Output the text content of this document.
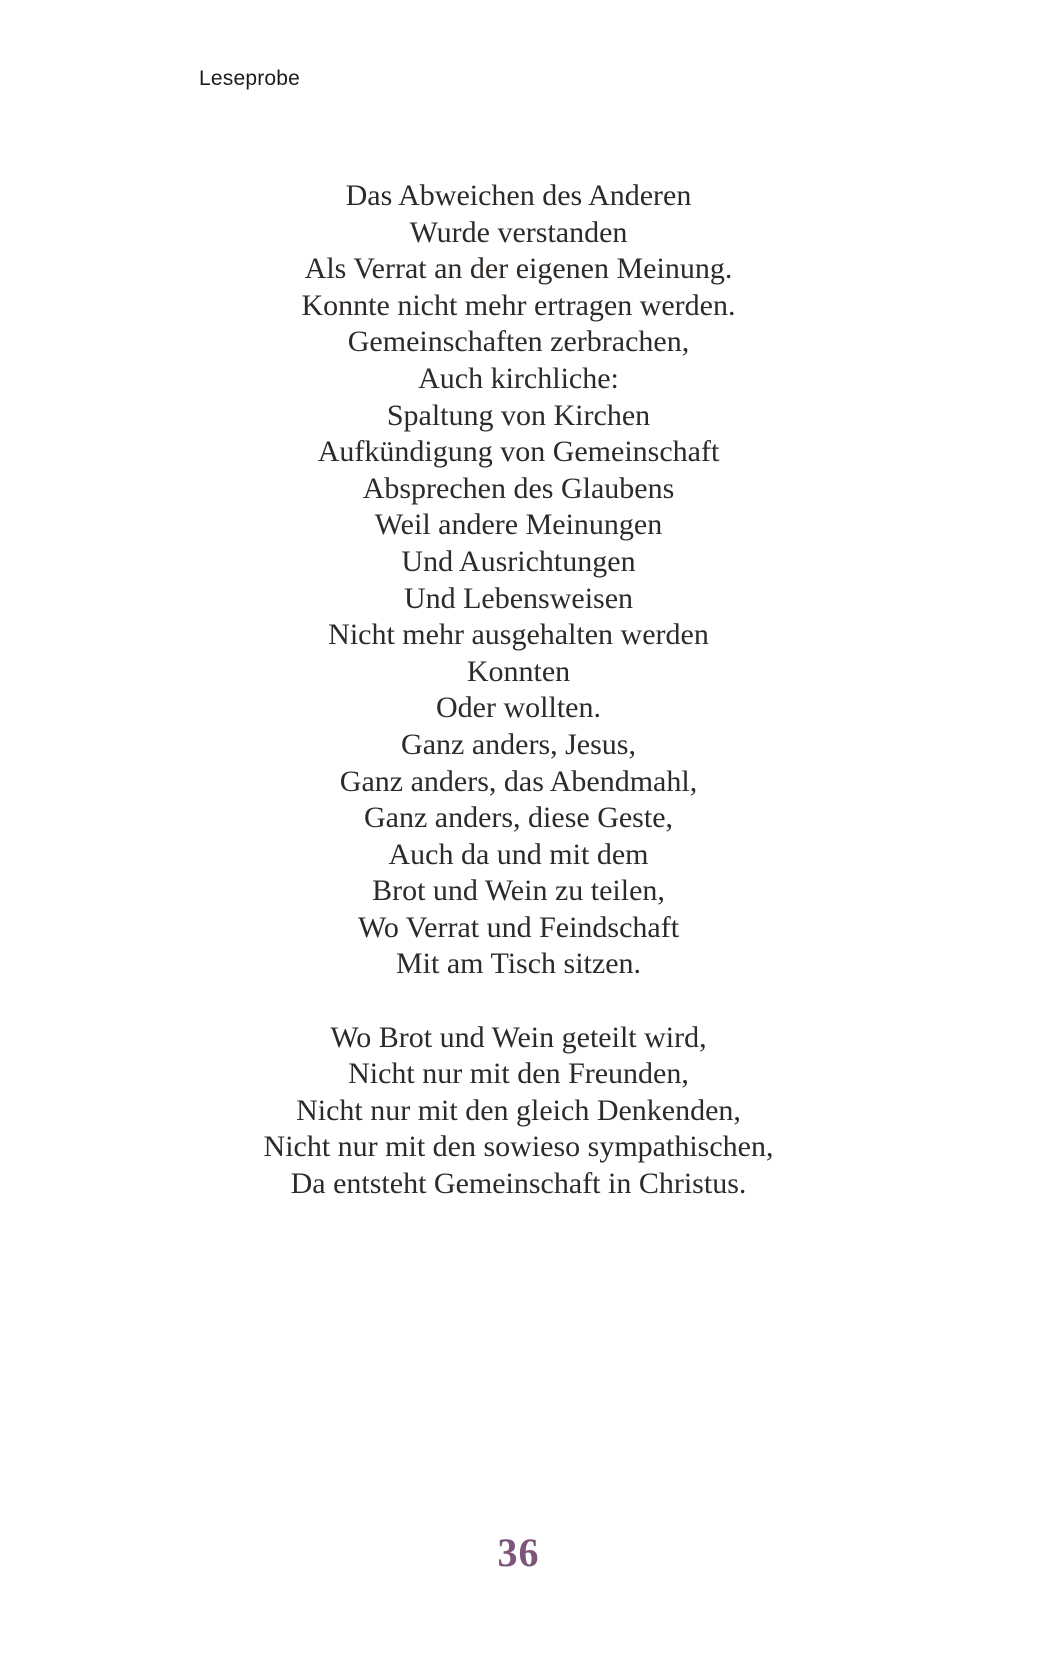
Leseprobe
Das Abweichen des Anderen
Wurde verstanden
Als Verrat an der eigenen Meinung.
Konnte nicht mehr ertragen werden.
Gemeinschaften zerbrachen,
Auch kirchliche:
Spaltung von Kirchen
Aufkündigung von Gemeinschaft
Absprechen des Glaubens
Weil andere Meinungen
Und Ausrichtungen
Und Lebensweisen
Nicht mehr ausgehalten werden
Konnten
Oder wollten.
Ganz anders, Jesus,
Ganz anders, das Abendmahl,
Ganz anders, diese Geste,
Auch da und mit dem
Brot und Wein zu teilen,
Wo Verrat und Feindschaft
Mit am Tisch sitzen.
Wo Brot und Wein geteilt wird,
Nicht nur mit den Freunden,
Nicht nur mit den gleich Denkenden,
Nicht nur mit den sowieso sympathischen,
Da entsteht Gemeinschaft in Christus.
36
